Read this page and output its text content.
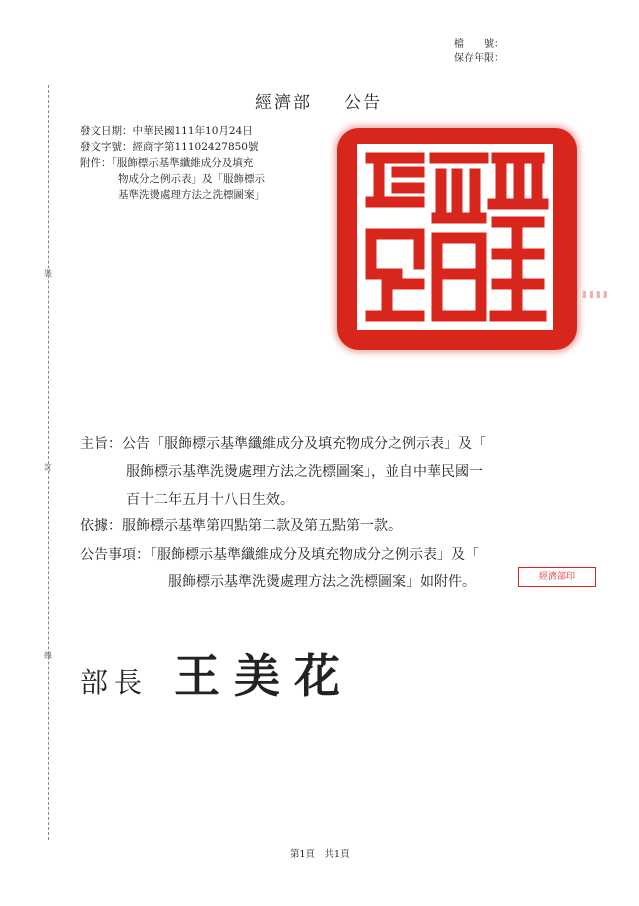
檔　　號：
保存年限：
裝
訂
線
經濟部 公告
發文日期：中華民國111年10月24日
發文字號：經商字第11102427850號
附件：「服飾標示基準纖維成分及填充
物成分之例示表」及「服飾標示
基準洗燙處理方法之洗標圖案」
▮▮▮▮
主旨：公告「服飾標示基準纖維成分及填充物成分之例示表」及「
服飾標示基準洗燙處理方法之洗標圖案」，並自中華民國一
百十二年五月十八日生效。
依據：服飾標示基準第四點第二款及第五點第一款。
公告事項：「服飾標示基準纖維成分及填充物成分之例示表」及「
服飾標示基準洗燙處理方法之洗標圖案」如附件。	經濟部印
部長 王美花
第1頁　共1頁
